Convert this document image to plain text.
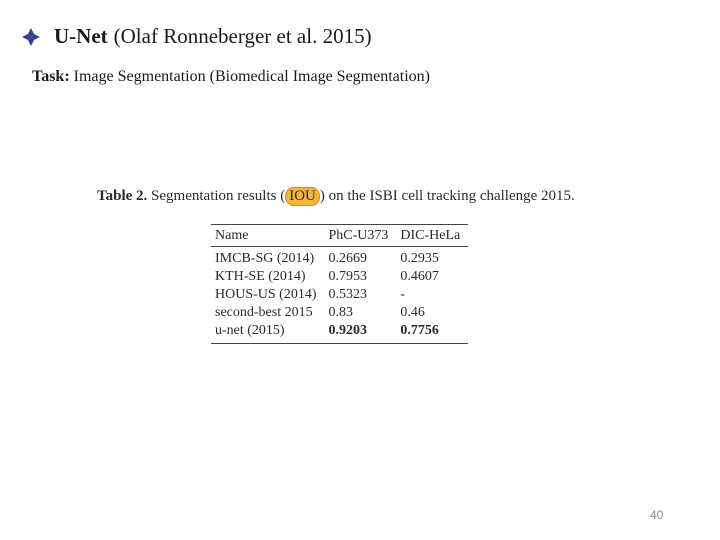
U-Net (Olaf Ronneberger et al. 2015)
Task: Image Segmentation (Biomedical Image Segmentation)
Table 2. Segmentation results ( IOU ) on the ISBI cell tracking challenge 2015.
Name	PhC-U373	DIC-HeLa
IMCB-SG (2014)	0.2669	0.2935
KTH-SE (2014)	0.7953	0.4607
HOUS-US (2014)	0.5323	-
second-best 2015	0.83	0.46
u-net (2015)	0.9203	0.7756
40
